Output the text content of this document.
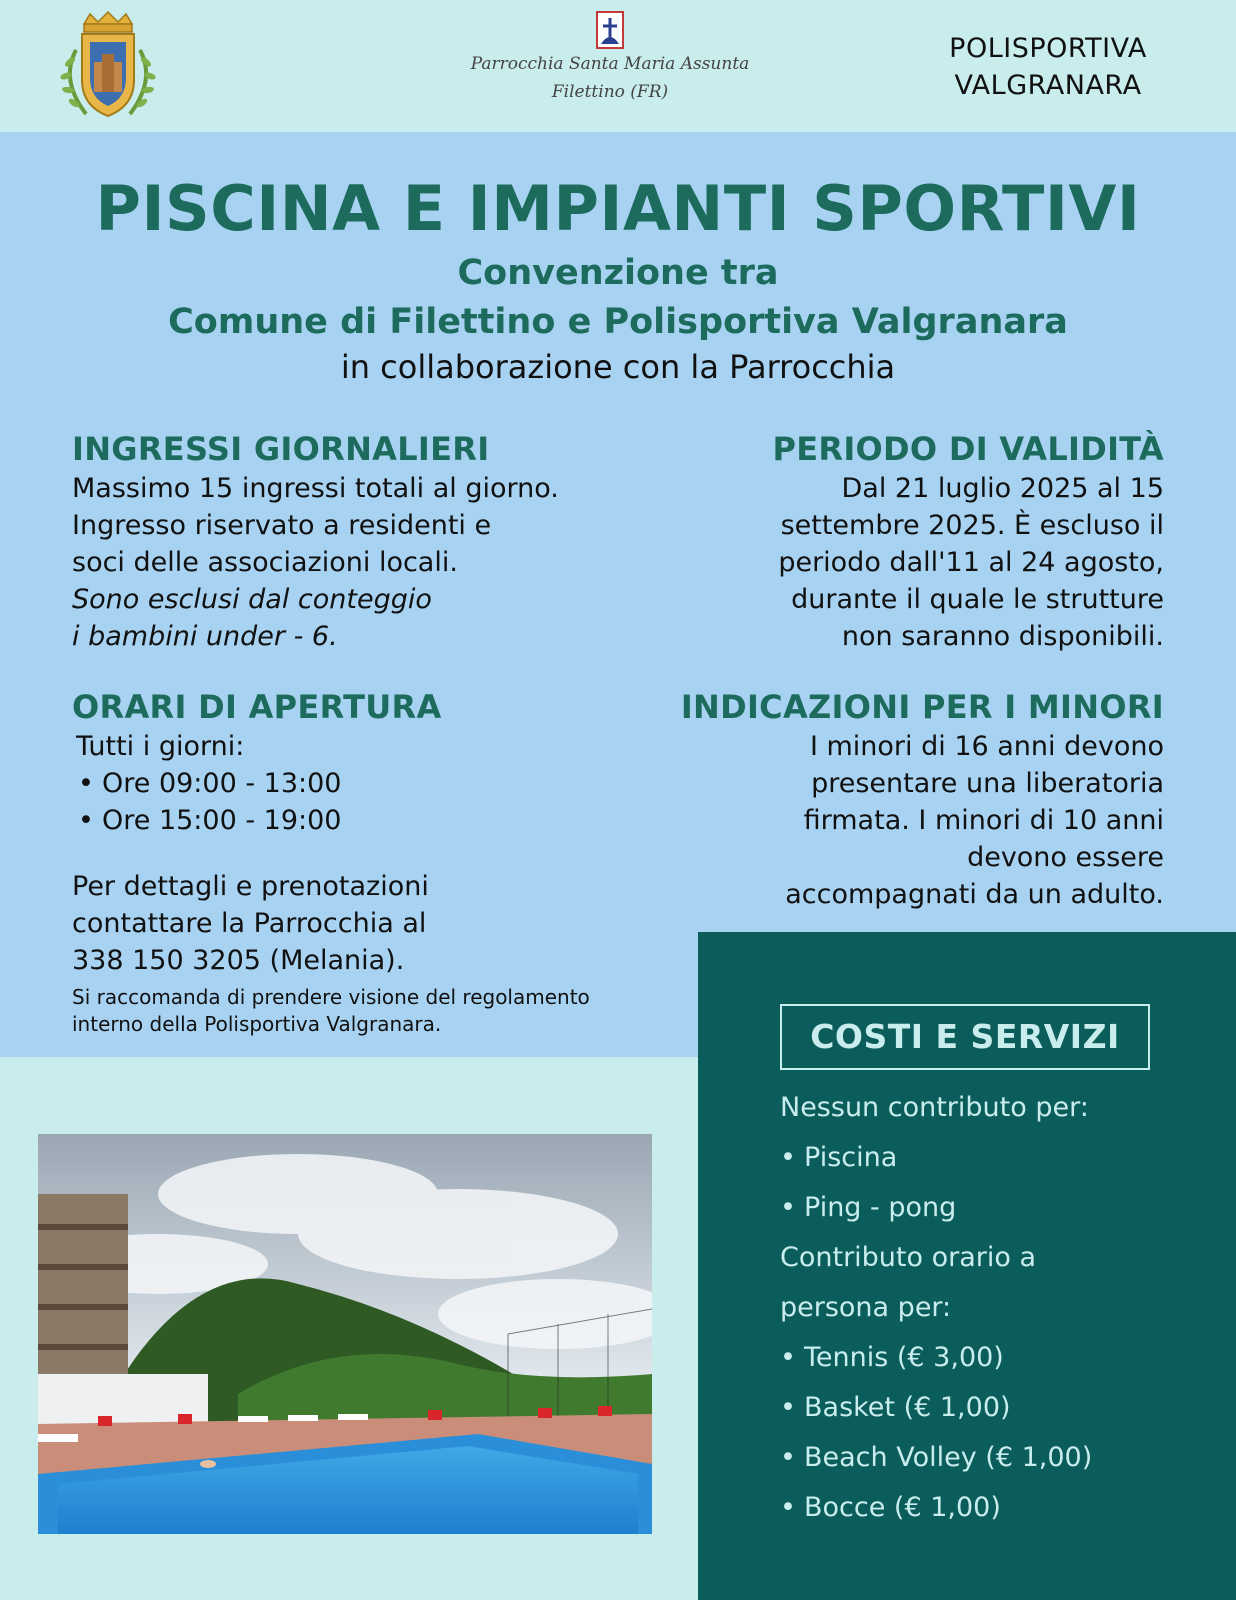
Parrocchia Santa Maria Assunta
Filettino (FR)
POLISPORTIVA
VALGRANARA
PISCINA E IMPIANTI SPORTIVI
Convenzione tra
Comune di Filettino e Polisportiva Valgranara
in collaborazione con la Parrocchia
INGRESSI GIORNALIERI
Massimo 15 ingressi totali al giorno.
Ingresso riservato a residenti e
soci delle associazioni locali.
Sono esclusi dal conteggio
i bambini under - 6.
PERIODO DI VALIDITÀ
Dal 21 luglio 2025 al 15
settembre 2025. È escluso il
periodo dall'11 al 24 agosto,
durante il quale le strutture
non saranno disponibili.
ORARI DI APERTURA
Tutti i giorni:
• Ore 09:00 - 13:00
• Ore 15:00 - 19:00
INDICAZIONI PER I MINORI
I minori di 16 anni devono
presentare una liberatoria
firmata. I minori di 10 anni
devono essere
accompagnati da un adulto.
Per dettagli e prenotazioni
contattare la Parrocchia al
338 150 3205 (Melania).
Si raccomanda di prendere visione del regolamento
interno della Polisportiva Valgranara.	COSTI E SERVIZI
Nessun contributo per:
• Piscina
• Ping - pong
Contributo orario a
persona per:
• Tennis (€ 3,00)
• Basket (€ 1,00)
• Beach Volley (€ 1,00)
• Bocce (€ 1,00)
